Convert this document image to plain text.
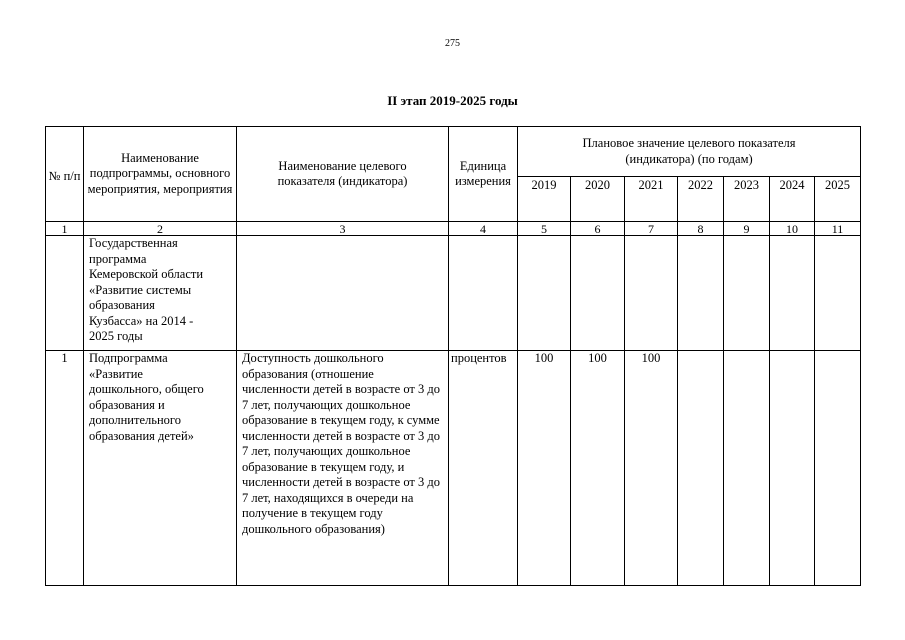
275
II этап 2019-2025 годы
№ п/п	Наименование подпрограммы, основного мероприятия, мероприятия	Наименование целевого показателя (индикатора)	Единица измерения	Плановое значение целевого показателя (индикатора) (по годам)						
				2019	2020	2021	2022	2023	2024	2025
1	2	3	4	5	6	7	8	9	10	11
	Государственная программа Кемеровской области «Развитие системы образования Кузбасса» на 2014 - 2025 годы									
1	Подпрограмма «Развитие дошкольного, общего образования и дополнительного образования детей»	Доступность дошкольного образования (отношение численности детей в возрасте от 3 до 7 лет, получающих дошкольное образование в текущем году, к сумме численности детей в возрасте от 3 до 7 лет, получающих дошкольное образование в текущем году, и численности детей в возрасте от 3 до 7 лет, находящихся в очереди на получение в текущем году дошкольного образования)	процентов	100	100	100				
